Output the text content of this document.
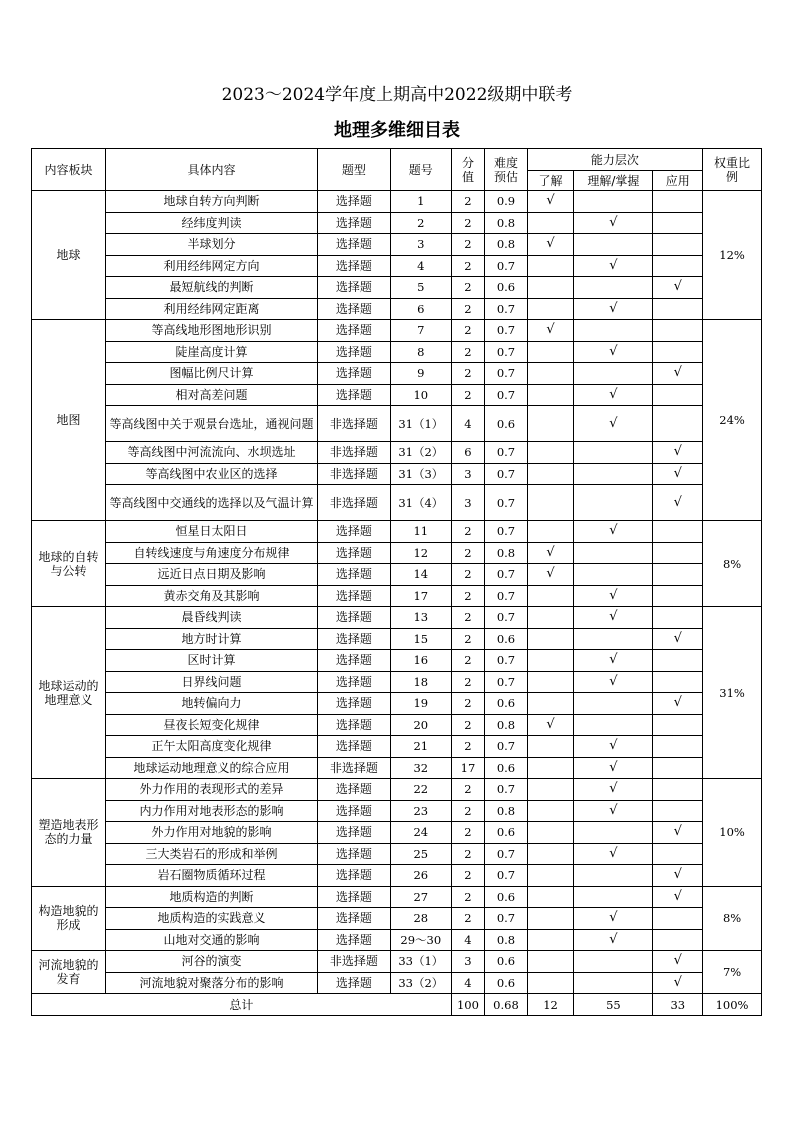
2023～2024学年度上期高中2022级期中联考
地理多维细目表
内容板块	具体内容	题型	题号	分值	难度预估	能力层次			权重比例
						了解	理解/掌握	应用	
地球	地球自转方向判断	选择题	1	2	0.9	√			12%
	经纬度判读	选择题	2	2	0.8		√		
	半球划分	选择题	3	2	0.8	√			
	利用经纬网定方向	选择题	4	2	0.7		√		
	最短航线的判断	选择题	5	2	0.6			√	
	利用经纬网定距离	选择题	6	2	0.7		√		
地图	等高线地形图地形识别	选择题	7	2	0.7	√			24%
	陡崖高度计算	选择题	8	2	0.7		√		
	图幅比例尺计算	选择题	9	2	0.7			√	
	相对高差问题	选择题	10	2	0.7		√		
	等高线图中关于观景台选址，通视问题	非选择题	31（1）	4	0.6		√		
	等高线图中河流流向、水坝选址	非选择题	31（2）	6	0.7			√	
	等高线图中农业区的选择	非选择题	31（3）	3	0.7			√	
	等高线图中交通线的选择以及气温计算	非选择题	31（4）	3	0.7			√	
地球的自转与公转	恒星日太阳日	选择题	11	2	0.7		√		8%
	自转线速度与角速度分布规律	选择题	12	2	0.8	√			
	远近日点日期及影响	选择题	14	2	0.7	√			
	黄赤交角及其影响	选择题	17	2	0.7		√		
地球运动的地理意义	晨昏线判读	选择题	13	2	0.7		√		31%
	地方时计算	选择题	15	2	0.6			√	
	区时计算	选择题	16	2	0.7		√		
	日界线问题	选择题	18	2	0.7		√		
	地转偏向力	选择题	19	2	0.6			√	
	昼夜长短变化规律	选择题	20	2	0.8	√			
	正午太阳高度变化规律	选择题	21	2	0.7		√		
	地球运动地理意义的综合应用	非选择题	32	17	0.6		√		
塑造地表形态的力量	外力作用的表现形式的差异	选择题	22	2	0.7		√		10%
	内力作用对地表形态的影响	选择题	23	2	0.8		√		
	外力作用对地貌的影响	选择题	24	2	0.6			√	
	三大类岩石的形成和举例	选择题	25	2	0.7		√		
	岩石圈物质循环过程	选择题	26	2	0.7			√	
构造地貌的形成	地质构造的判断	选择题	27	2	0.6			√	8%
	地质构造的实践意义	选择题	28	2	0.7		√		
	山地对交通的影响	选择题	29～30	4	0.8		√		
河流地貌的发育	河谷的演变	非选择题	33（1）	3	0.6			√	7%
	河流地貌对聚落分布的影响	选择题	33（2）	4	0.6			√	
总计				100	0.68	12	55	33	100%
